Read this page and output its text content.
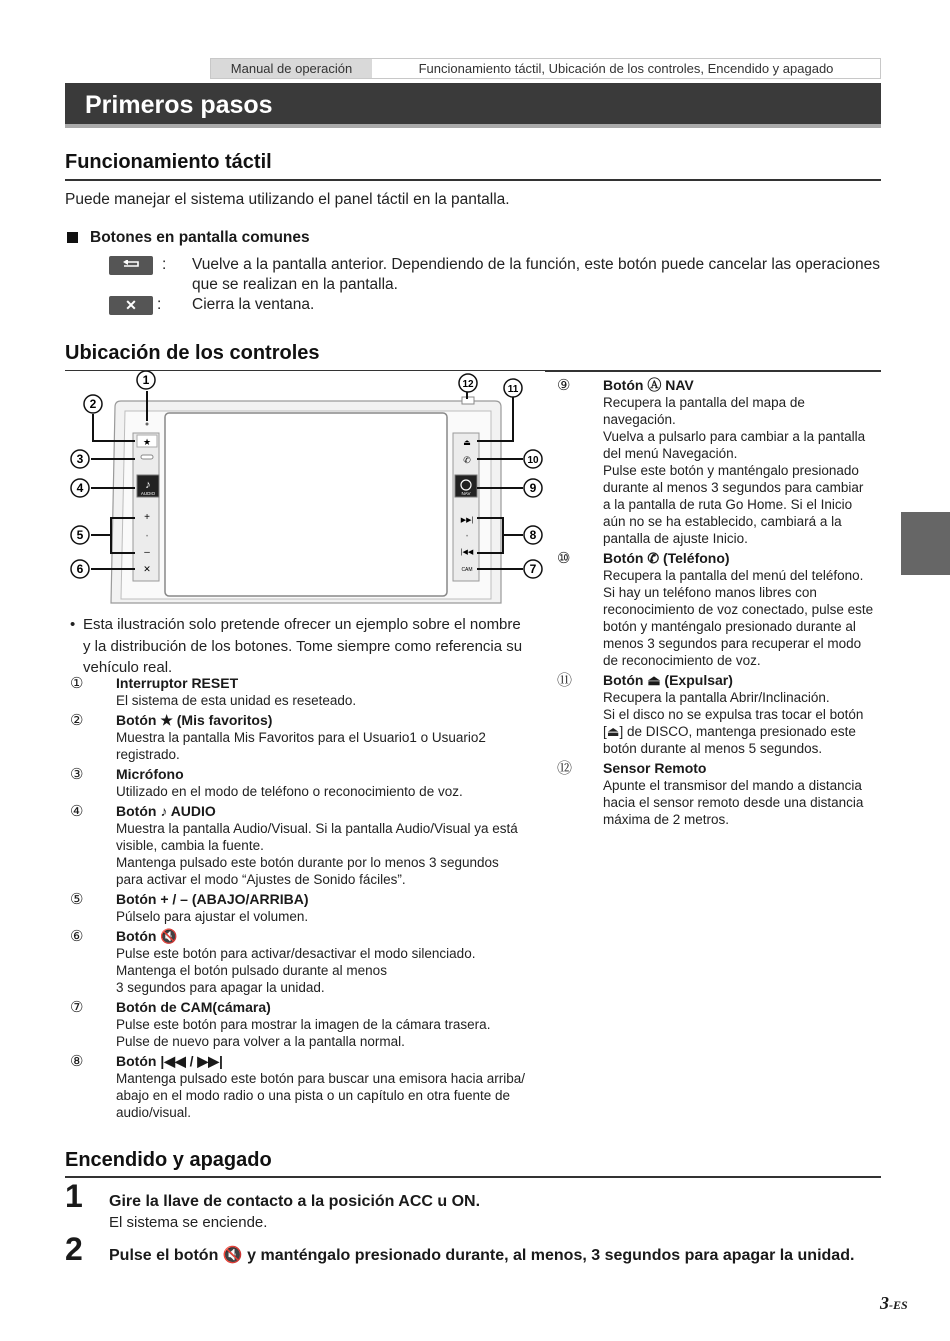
Manual de operación	Funcionamiento táctil, Ubicación de los controles, Encendido y apagado
Primeros pasos
Funcionamiento táctil
Puede manejar el sistema utilizando el panel táctil en la pantalla.
Botones en pantalla comunes
: Vuelve a la pantalla anterior. Dependiendo de la función, este botón puede cancelar las operaciones
que se realizan en la pantalla.
✕ : Cierra la ventana.
Ubicación de los controles
★
♪
AUDIO
+
•
–
✕
⏏
✆
NAV
▶▶|
•
|◀◀
CAM
1
2
3
4
5
6
12	11
10
9
8
7
• Esta ilustración solo pretende ofrecer un ejemplo sobre el nombre
y la distribución de los botones. Tome siempre como referencia su
vehículo real.
①	Interruptor RESET
El sistema de esta unidad es reseteado.
②	Botón ★ (Mis favoritos)
Muestra la pantalla Mis Favoritos para el Usuario1 o Usuario2
registrado.
③	Micrófono
Utilizado en el modo de teléfono o reconocimiento de voz.
④	Botón ♪ AUDIO
Muestra la pantalla Audio/Visual. Si la pantalla Audio/Visual ya está
visible, cambia la fuente.
Mantenga pulsado este botón durante por lo menos 3 segundos
para activar el modo “Ajustes de Sonido fáciles”.
⑤	Botón + / – (ABAJO/ARRIBA)
Púlselo para ajustar el volumen.
⑥	Botón 🔇
Pulse este botón para activar/desactivar el modo silenciado.
Mantenga el botón pulsado durante al menos
3 segundos para apagar la unidad.
⑦	Botón de CAM(cámara)
Pulse este botón para mostrar la imagen de la cámara trasera.
Pulse de nuevo para volver a la pantalla normal.
⑧	Botón |◀◀ / ▶▶|
Mantenga pulsado este botón para buscar una emisora hacia arriba/
abajo en el modo radio o una pista o un capítulo en otra fuente de
audio/visual.
⑨	Botón Ⓐ NAV
Recupera la pantalla del mapa de
navegación.
Vuelva a pulsarlo para cambiar a la pantalla
del menú Navegación.
Pulse este botón y manténgalo presionado
durante al menos 3 segundos para cambiar
a la pantalla de ruta Go Home. Si el Inicio
aún no se ha establecido, cambiará a la
pantalla de ajuste Inicio.
⑩	Botón ✆ (Teléfono)
Recupera la pantalla del menú del teléfono.
Si hay un teléfono manos libres con
reconocimiento de voz conectado, pulse este
botón y manténgalo presionado durante al
menos 3 segundos para recuperar el modo
de reconocimiento de voz.
⑪	Botón ⏏ (Expulsar)
Recupera la pantalla Abrir/Inclinación.
Si el disco no se expulsa tras tocar el botón
[⏏] de DISCO, mantenga presionado este
botón durante al menos 5 segundos.
⑫	Sensor Remoto
Apunte el transmisor del mando a distancia
hacia el sensor remoto desde una distancia
máxima de 2 metros.
Encendido y apagado
1 Gire la llave de contacto a la posición ACC u ON.
El sistema se enciende.
2 Pulse el botón 🔇 y manténgalo presionado durante, al menos, 3 segundos para apagar la unidad.
3-ES
